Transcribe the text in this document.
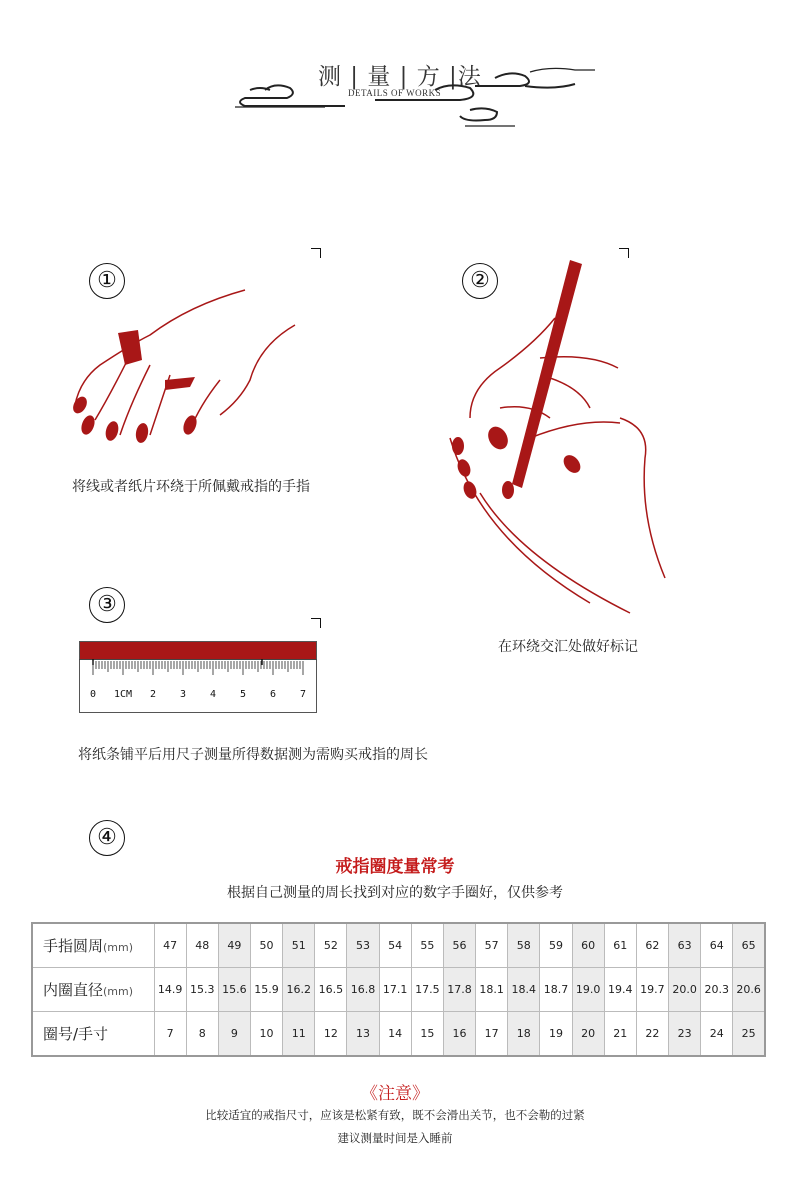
测 | 量 | 方 |法
DETAILS OF WORKS
①
将线或者纸片环绕于所佩戴戒指的手指
②
在环绕交汇处做好标记
③
0 1CM 2 3 4 5 6 7
将纸条铺平后用尺子测量所得数据测为需购买戒指的周长
④
戒指圈度量常考
根据自己测量的周长找到对应的数字手圈好，仅供参考
手指圆周(mm)	47	48	49	50	51	52	53	54	55	56	57	58	59	60	61	62	63	64	65
内圈直径(mm)	14.9	15.3	15.6	15.9	16.2	16.5	16.8	17.1	17.5	17.8	18.1	18.4	18.7	19.0	19.4	19.7	20.0	20.3	20.6
圈号/手寸	7	8	9	10	11	12	13	14	15	16	17	18	19	20	21	22	23	24	25
《注意》
比较适宜的戒指尺寸，应该是松紧有致，既不会滑出关节，也不会勒的过紧
建议测量时间是入睡前
